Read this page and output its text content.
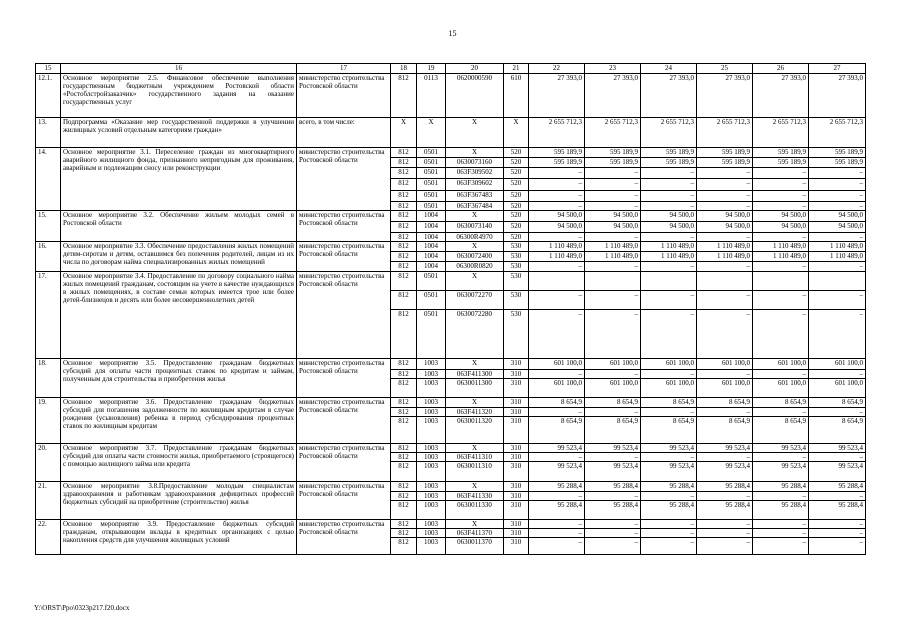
15
15	16	17	18	19	20	21	22	23	24	25	26	27
12.1.	Основное мероприятие 2.5. Финансовое обеспечение выполнения государственным бюджетным учреждением Ростовской области «Ростоблстройзаказчик» государственного задания на оказание государственных услуг	министерство строительства Ростовской области	812	0113	0620000590	610	27 393,0	27 393,0	27 393,0	27 393,0	27 393,0	27 393,0
13.	Подпрограмма «Оказание мер государственной поддержки в улучшении жилищных условий отдельным категориям граждан»	всего, в том числе:	Х	Х	Х	Х	2 655 712,3	2 655 712,3	2 655 712,3	2 655 712,3	2 655 712,3	2 655 712,3
14.	Основное мероприятие 3.1. Переселение граждан из многоквартирного аварийного жилищного фонда, признанного непригодным для проживания, аварийным и подлежащим сносу или реконструкции	министерство строительства Ростовской области	812	0501	Х	520	595 189,9	595 189,9	595 189,9	595 189,9	595 189,9	595 189,9
			812	0501	0630073160	520	595 189,9	595 189,9	595 189,9	595 189,9	595 189,9	595 189,9
			812	0501	063F309502	520	–	–	–	–	–	–
			812	0501	063F309602	520	–	–	–	–	–	–
			812	0501	063F367483	520	–	–	–	–	–	–
			812	0501	063F367484	520	–	–	–	–	–	–
15.	Основное мероприятие 3.2. Обеспечение жильем молодых семей в Ростовской области	министерство строительства Ростовской области	812	1004	Х	520	94 500,0	94 500,0	94 500,0	94 500,0	94 500,0	94 500,0
			812	1004	0630073140	520	94 500,0	94 500,0	94 500,0	94 500,0	94 500,0	94 500,0
			812	1004	06300R4970	520	–	–	–	–	–	–
16.	Основное мероприятие 3.3. Обеспечение предоставления жилых помещений детям-сиротам и детям, оставшимся без попечения родителей, лицам из их числа по договорам найма специализированных жилых помещений	министерство строительства Ростовской области	812	1004	Х	530	1 110 489,0	1 110 489,0	1 110 489,0	1 110 489,0	1 110 489,0	1 110 489,0
			812	1004	0630072400	530	1 110 489,0	1 110 489,0	1 110 489,0	1 110 489,0	1 110 489,0	1 110 489,0
			812	1004	06300R0820	530	–	–	–	–	–	–
17.	Основное мероприятие 3.4. Предоставление по договору социального найма жилых помещений гражданам, состоящим на учете в качестве нуждающихся в жилых помещениях, в составе семьи которых имеется трое или более детей-близнецов и десять или более несовершеннолетних детей	министерство строительства Ростовской области	812	0501	Х	530						
			812	0501	0630072270	530	–	–	–	–	–	–
			812	0501	0630072280	530	–	–	–	–	–	–
18.	Основное мероприятие 3.5. Предоставление гражданам бюджетных субсидий для оплаты части процентных ставок по кредитам и займам, полученным для строительства и приобретения жилья	министерство строительства Ростовской области	812	1003	Х	310	601 100,0	601 100,0	601 100,0	601 100,0	601 100,0	601 100,0
			812	1003	063F411300	310	–	–	–	–	–	–
			812	1003	0630011300	310	601 100,0	601 100,0	601 100,0	601 100,0	601 100,0	601 100,0
19.	Основное мероприятие 3.6. Предоставление гражданам бюджетных субсидий для погашения задолженности по жилищным кредитам в случае рождения (усыновления) ребенка в период субсидирования процентных ставок по жилищным кредитам	министерство строительства Ростовской области	812	1003	Х	310	8 654,9	8 654,9	8 654,9	8 654,9	8 654,9	8 654,9
			812	1003	063F411320	310	–	–	–	–	–	–
			812	1003	0630011320	310	8 654,9	8 654,9	8 654,9	8 654,9	8 654,9	8 654,9
20.	Основное мероприятие 3.7. Предоставление гражданам бюджетных субсидий для оплаты части стоимости жилья, приобретаемого (строящегося) с помощью жилищного займа или кредита	министерство строительства Ростовской области	812	1003	Х	310	99 523,4	99 523,4	99 523,4	99 523,4	99 523,4	99 523,4
			812	1003	063F411310	310	–	–	–	–	–	–
			812	1003	0630011310	310	99 523,4	99 523,4	99 523,4	99 523,4	99 523,4	99 523,4
21.	Основное мероприятие 3.8.Предоставление молодым специалистам здравоохранения и работникам здравоохранения дефицитных профессий бюджетных субсидий на приобретение (строительство) жилья	министерство строительства Ростовской области	812	1003	Х	310	95 288,4	95 288,4	95 288,4	95 288,4	95 288,4	95 288,4
			812	1003	063F411330	310	–	–	–	–	–	–
			812	1003	0630011330	310	95 288,4	95 288,4	95 288,4	95 288,4	95 288,4	95 288,4
22.	Основное мероприятие 3.9. Предоставление бюджетных субсидий гражданам, открывающим вклады в кредитных организациях с целью накопления средств для улучшения жилищных условий	министерство строительства Ростовской области	812	1003	Х	310	–	–	–	–	–	–
			812	1003	063F411370	310	–	–	–	–	–	–
			812	1003	0630011370	310	–	–	–	–	–	–
Y:\ORST\Ppo\0323p217.f20.docx
